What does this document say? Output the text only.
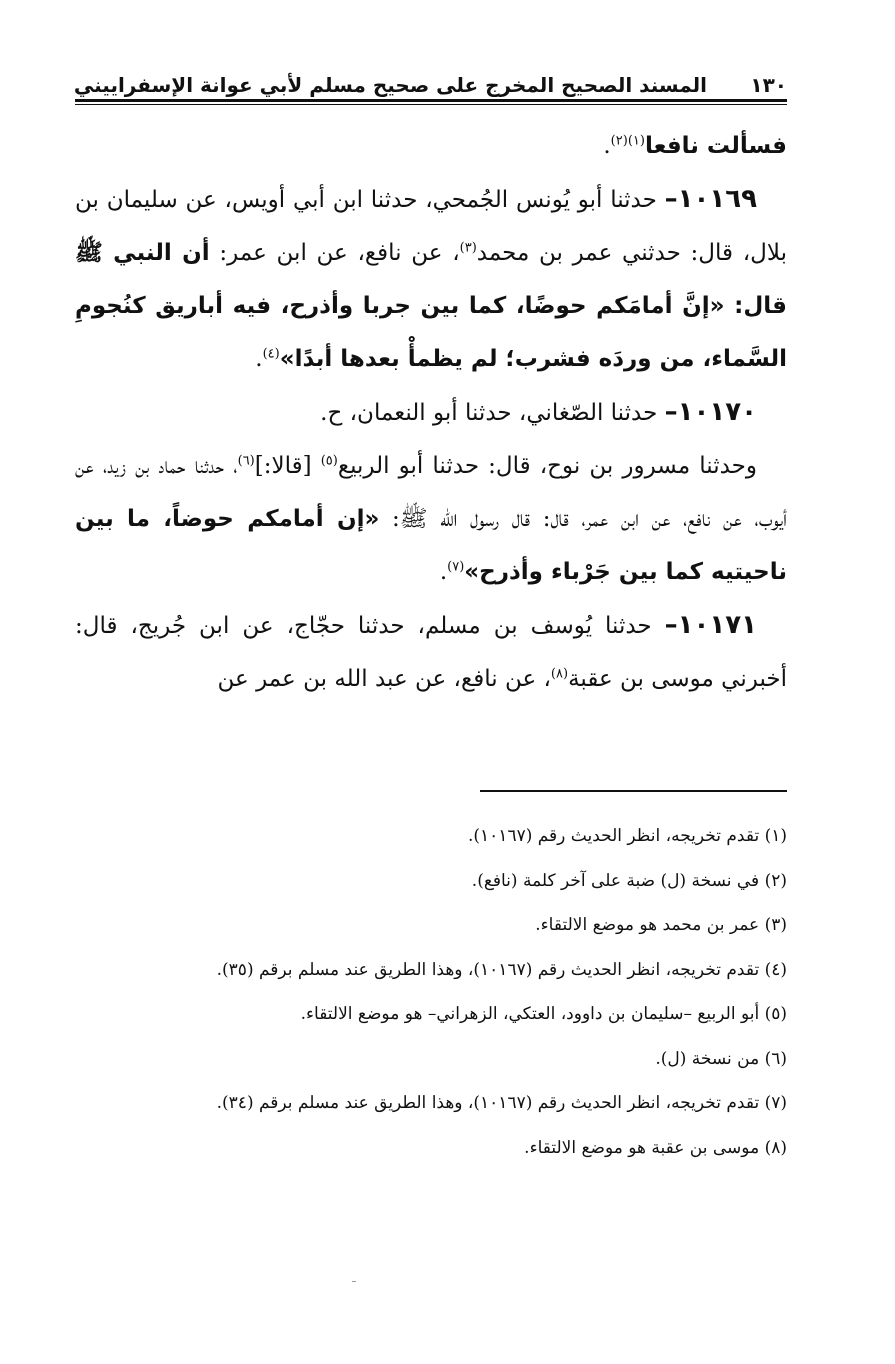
١٣٠
المسند الصحيح المخرج على صحيح مسلم لأبي عوانة الإسفراييني

فسألت نافعا$^{(١)(٢)}$.

١٠١٦٩– حدثنا أبو يُونس الجُمحي، حدثنا ابن أبي أويس، عن سليمان بن بلال، قال: حدثني عمر بن محمد$^{(٣)}$، عن نافع، عن ابن عمر: أن النبي ﷺ قال: «إنَّ أمامَكم حوضًا، كما بين جربا وأذرح، فيه أباريق كنُجومِ السَّماء، من وردَه فشرب؛ لم يظمأْ بعدها أبدًا»$^{(٤)}$.

١٠١٧٠– حدثنا الصّغاني، حدثنا أبو النعمان، ح.

وحدثنا مسرور بن نوح، قال: حدثنا أبو الربيع$^{(٥)}$ [قالا:]$^{(٦)}$، حدثنا حماد بن زيد، عن أيوب، عن نافع، عن ابن عمر، قال: قال رسول الله ﷺ: «إن أمامكم حوضاً، ما بين ناحيتيه كما بين جَرْباء وأذرح»$^{(٧)}$.

١٠١٧١– حدثنا يُوسف بن مسلم، حدثنا حجّاج، عن ابن جُريج، قال: أخبرني موسى بن عقبة$^{(٨)}$، عن نافع، عن عبد الله بن عمر عن

(١) تقدم تخريجه، انظر الحديث رقم (١٠١٦٧).
(٢) في نسخة (ل) ضبة على آخر كلمة (نافع).
(٣) عمر بن محمد هو موضع الالتقاء.
(٤) تقدم تخريجه، انظر الحديث رقم (١٠١٦٧)، وهذا الطريق عند مسلم برقم (٣٥).
(٥) أبو الربيع –سليمان بن داوود، العتكي، الزهراني– هو موضع الالتقاء.
(٦) من نسخة (ل).
(٧) تقدم تخريجه، انظر الحديث رقم (١٠١٦٧)، وهذا الطريق عند مسلم برقم (٣٤).
(٨) موسى بن عقبة هو موضع الالتقاء.
